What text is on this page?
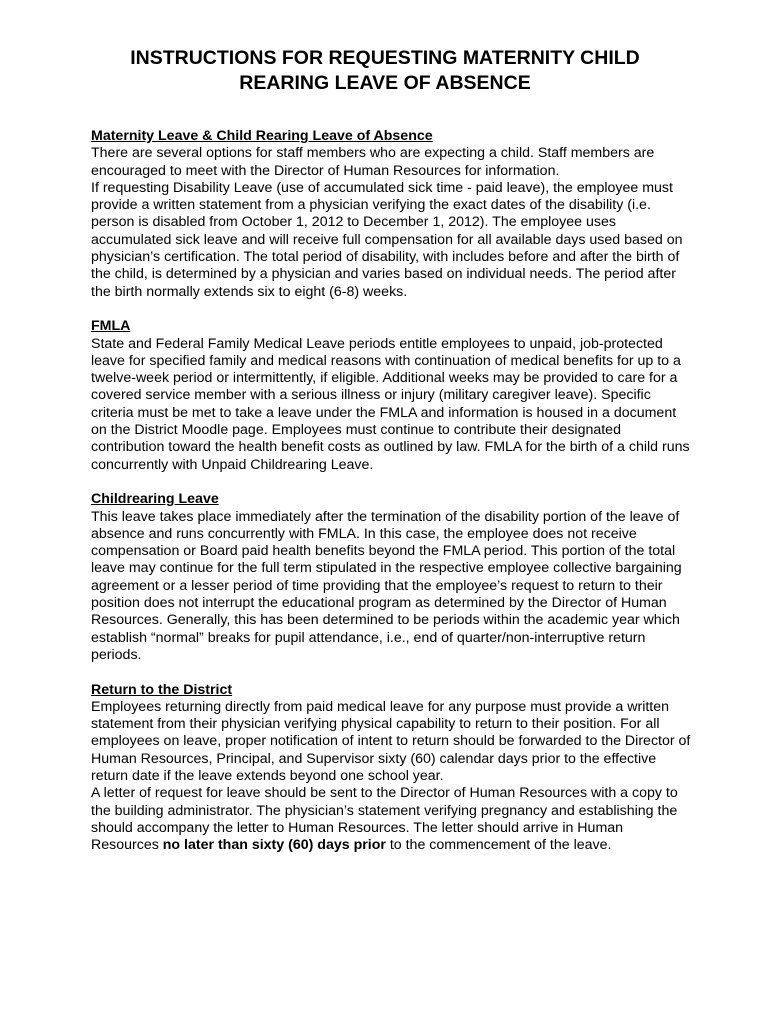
INSTRUCTIONS FOR REQUESTING MATERNITY CHILD
REARING LEAVE OF ABSENCE

Maternity Leave & Child Rearing Leave of Absence

There are several options for staff members who are expecting a child. Staff members are encouraged to meet with the Director of Human Resources for information.

If requesting Disability Leave (use of accumulated sick time - paid leave), the employee must provide a written statement from a physician verifying the exact dates of the disability (i.e. person is disabled from October 1, 2012 to December 1, 2012). The employee uses accumulated sick leave and will receive full compensation for all available days used based on physician’s certification. The total period of disability, with includes before and after the birth of the child, is determined by a physician and varies based on individual needs. The period after the birth normally extends six to eight (6-8) weeks.

FMLA

State and Federal Family Medical Leave periods entitle employees to unpaid, job-protected leave for specified family and medical reasons with continuation of medical benefits for up to a twelve-week period or intermittently, if eligible. Additional weeks may be provided to care for a covered service member with a serious illness or injury (military caregiver leave). Specific criteria must be met to take a leave under the FMLA and information is housed in a document on the District Moodle page. Employees must continue to contribute their designated contribution toward the health benefit costs as outlined by law. FMLA for the birth of a child runs concurrently with Unpaid Childrearing Leave.

Childrearing Leave

This leave takes place immediately after the termination of the disability portion of the leave of absence and runs concurrently with FMLA. In this case, the employee does not receive compensation or Board paid health benefits beyond the FMLA period. This portion of the total leave may continue for the full term stipulated in the respective employee collective bargaining agreement or a lesser period of time providing that the employee’s request to return to their position does not interrupt the educational program as determined by the Director of Human Resources. Generally, this has been determined to be periods within the academic year which establish “normal” breaks for pupil attendance, i.e., end of quarter/non-interruptive return periods.

Return to the District

Employees returning directly from paid medical leave for any purpose must provide a written statement from their physician verifying physical capability to return to their position. For all employees on leave, proper notification of intent to return should be forwarded to the Director of Human Resources, Principal, and Supervisor sixty (60) calendar days prior to the effective return date if the leave extends beyond one school year.

A letter of request for leave should be sent to the Director of Human Resources with a copy to the building administrator. The physician’s statement verifying pregnancy and establishing the should accompany the letter to Human Resources. The letter should arrive in Human Resources no later than sixty (60) days prior to the commencement of the leave.
